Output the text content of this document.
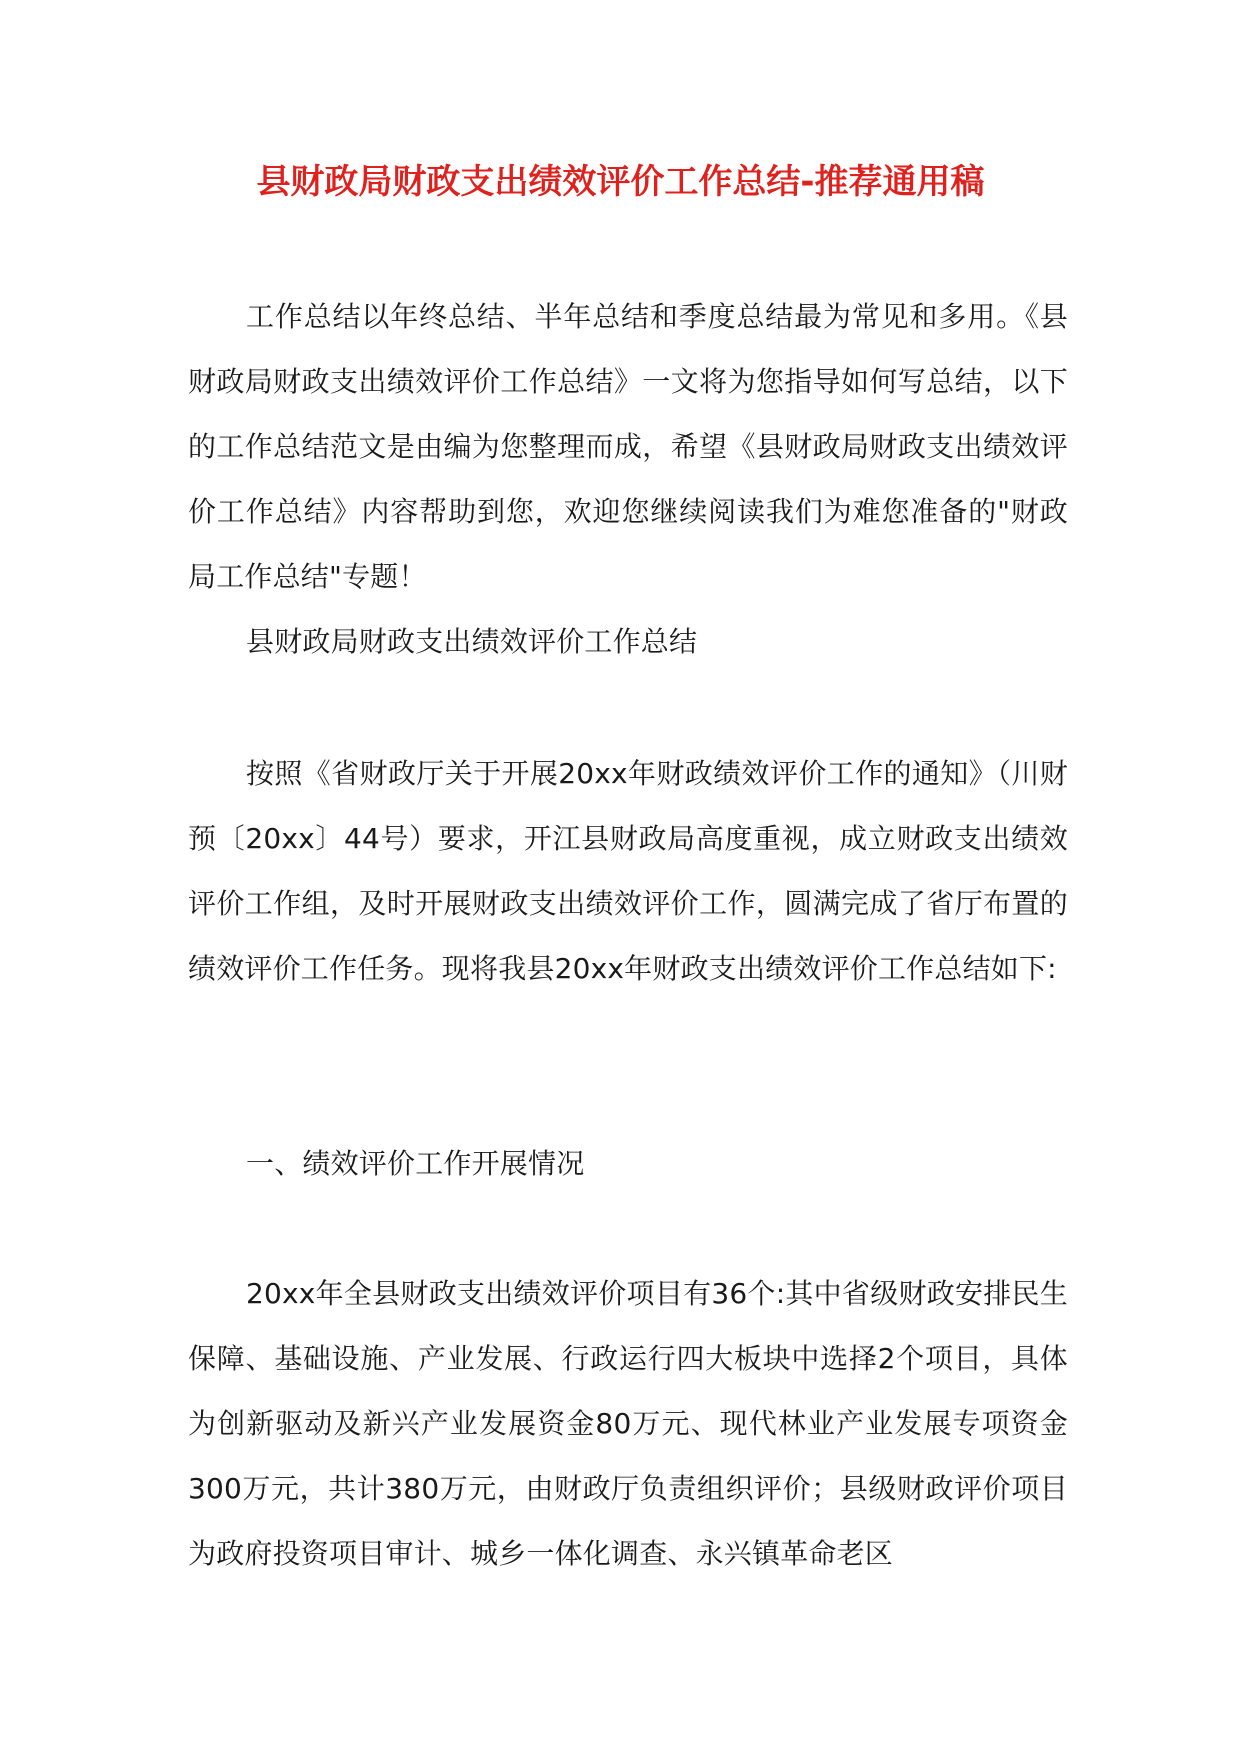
县财政局财政支出绩效评价工作总结-推荐通用稿

工作总结以年终总结、半年总结和季度总结最为常见和多用。《县财政局财政支出绩效评价工作总结》一文将为您指导如何写总结，以下的工作总结范文是由编为您整理而成，希望《县财政局财政支出绩效评价工作总结》内容帮助到您，欢迎您继续阅读我们为难您准备的"财政局工作总结"专题！

县财政局财政支出绩效评价工作总结

按照《省财政厅关于开展20xx年财政绩效评价工作的通知》（川财预〔20xx〕44号）要求，开江县财政局高度重视，成立财政支出绩效评价工作组，及时开展财政支出绩效评价工作，圆满完成了省厅布置的绩效评价工作任务。现将我县20xx年财政支出绩效评价工作总结如下:

一、绩效评价工作开展情况

20xx年全县财政支出绩效评价项目有36个:其中省级财政安排民生保障、基础设施、产业发展、行政运行四大板块中选择2个项目，具体为创新驱动及新兴产业发展资金80万元、现代林业产业发展专项资金300万元，共计380万元，由财政厅负责组织评价；县级财政评价项目为政府投资项目审计、城乡一体化调查、永兴镇革命老区
